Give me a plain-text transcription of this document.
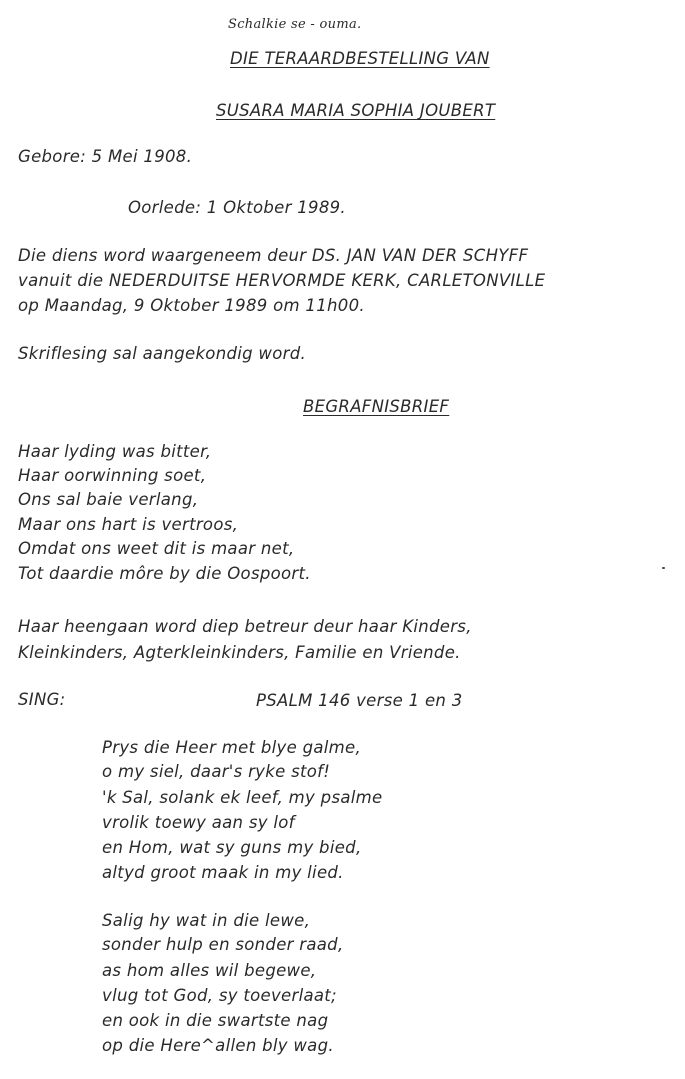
Schalkie se - ouma.
DIE TERAARDBESTELLING VAN
SUSARA MARIA SOPHIA JOUBERT
Gebore: 5 Mei 1908.
Oorlede: 1 Oktober 1989.
Die diens word waargeneem deur DS. JAN VAN DER SCHYFF
vanuit die NEDERDUITSE HERVORMDE KERK, CARLETONVILLE
op Maandag, 9 Oktober 1989 om 11h00.
Skriflesing sal aangekondig word.
BEGRAFNISBRIEF
Haar lyding was bitter,
Haar oorwinning soet,
Ons sal baie verlang,
Maar ons hart is vertroos,
Omdat ons weet dit is maar net,
Tot daardie môre by die Oospoort.
Haar heengaan word diep betreur deur haar Kinders,
Kleinkinders, Agterkleinkinders, Familie en Vriende.
SING:	PSALM 146 verse 1 en 3
Prys die Heer met blye galme,
o my siel, daar's ryke stof!
'k Sal, solank ek leef, my psalme
vrolik toewy aan sy lof
en Hom, wat sy guns my bied,
altyd groot maak in my lied.
Salig hy wat in die lewe,
sonder hulp en sonder raad,
as hom alles wil begewe,
vlug tot God, sy toeverlaat;
en ook in die swartste nag
op die Here^allen bly wag.
